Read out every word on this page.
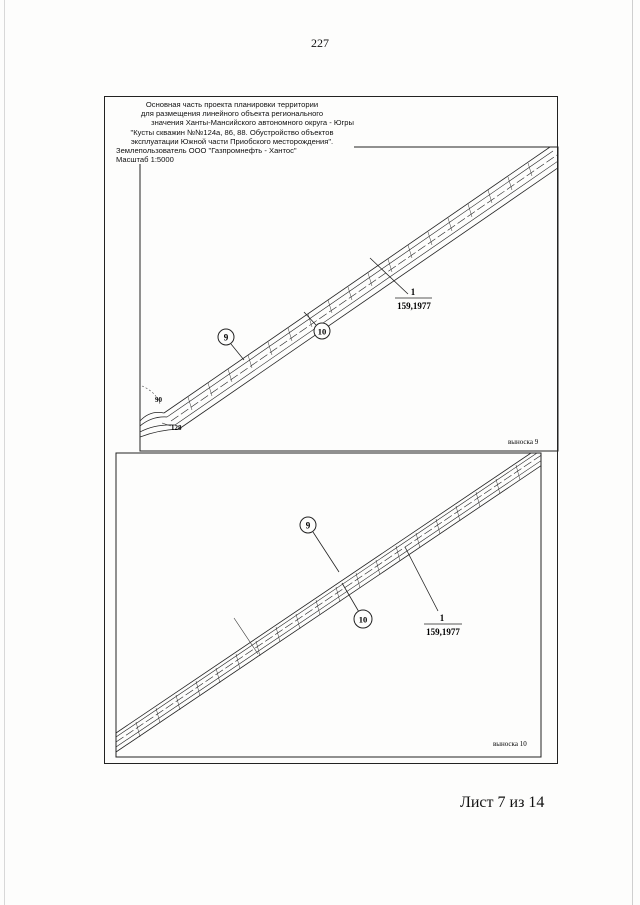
227
Основная часть проекта планировки территории
для размещения линейного объекта регионального
значения Ханты-Мансийского автономного округа - Югры
"Кусты скважин №№124а, 86, 88. Обустройство объектов
эксплуатации Южной части Приобского месторождения".
Землепользователь ООО "Газпромнефть - Хантос"
Масштаб 1:5000
1
159,1977
9
10
90
128
выноска 9
1
159,1977
9
10
выноска 10
Лист 7 из 14
